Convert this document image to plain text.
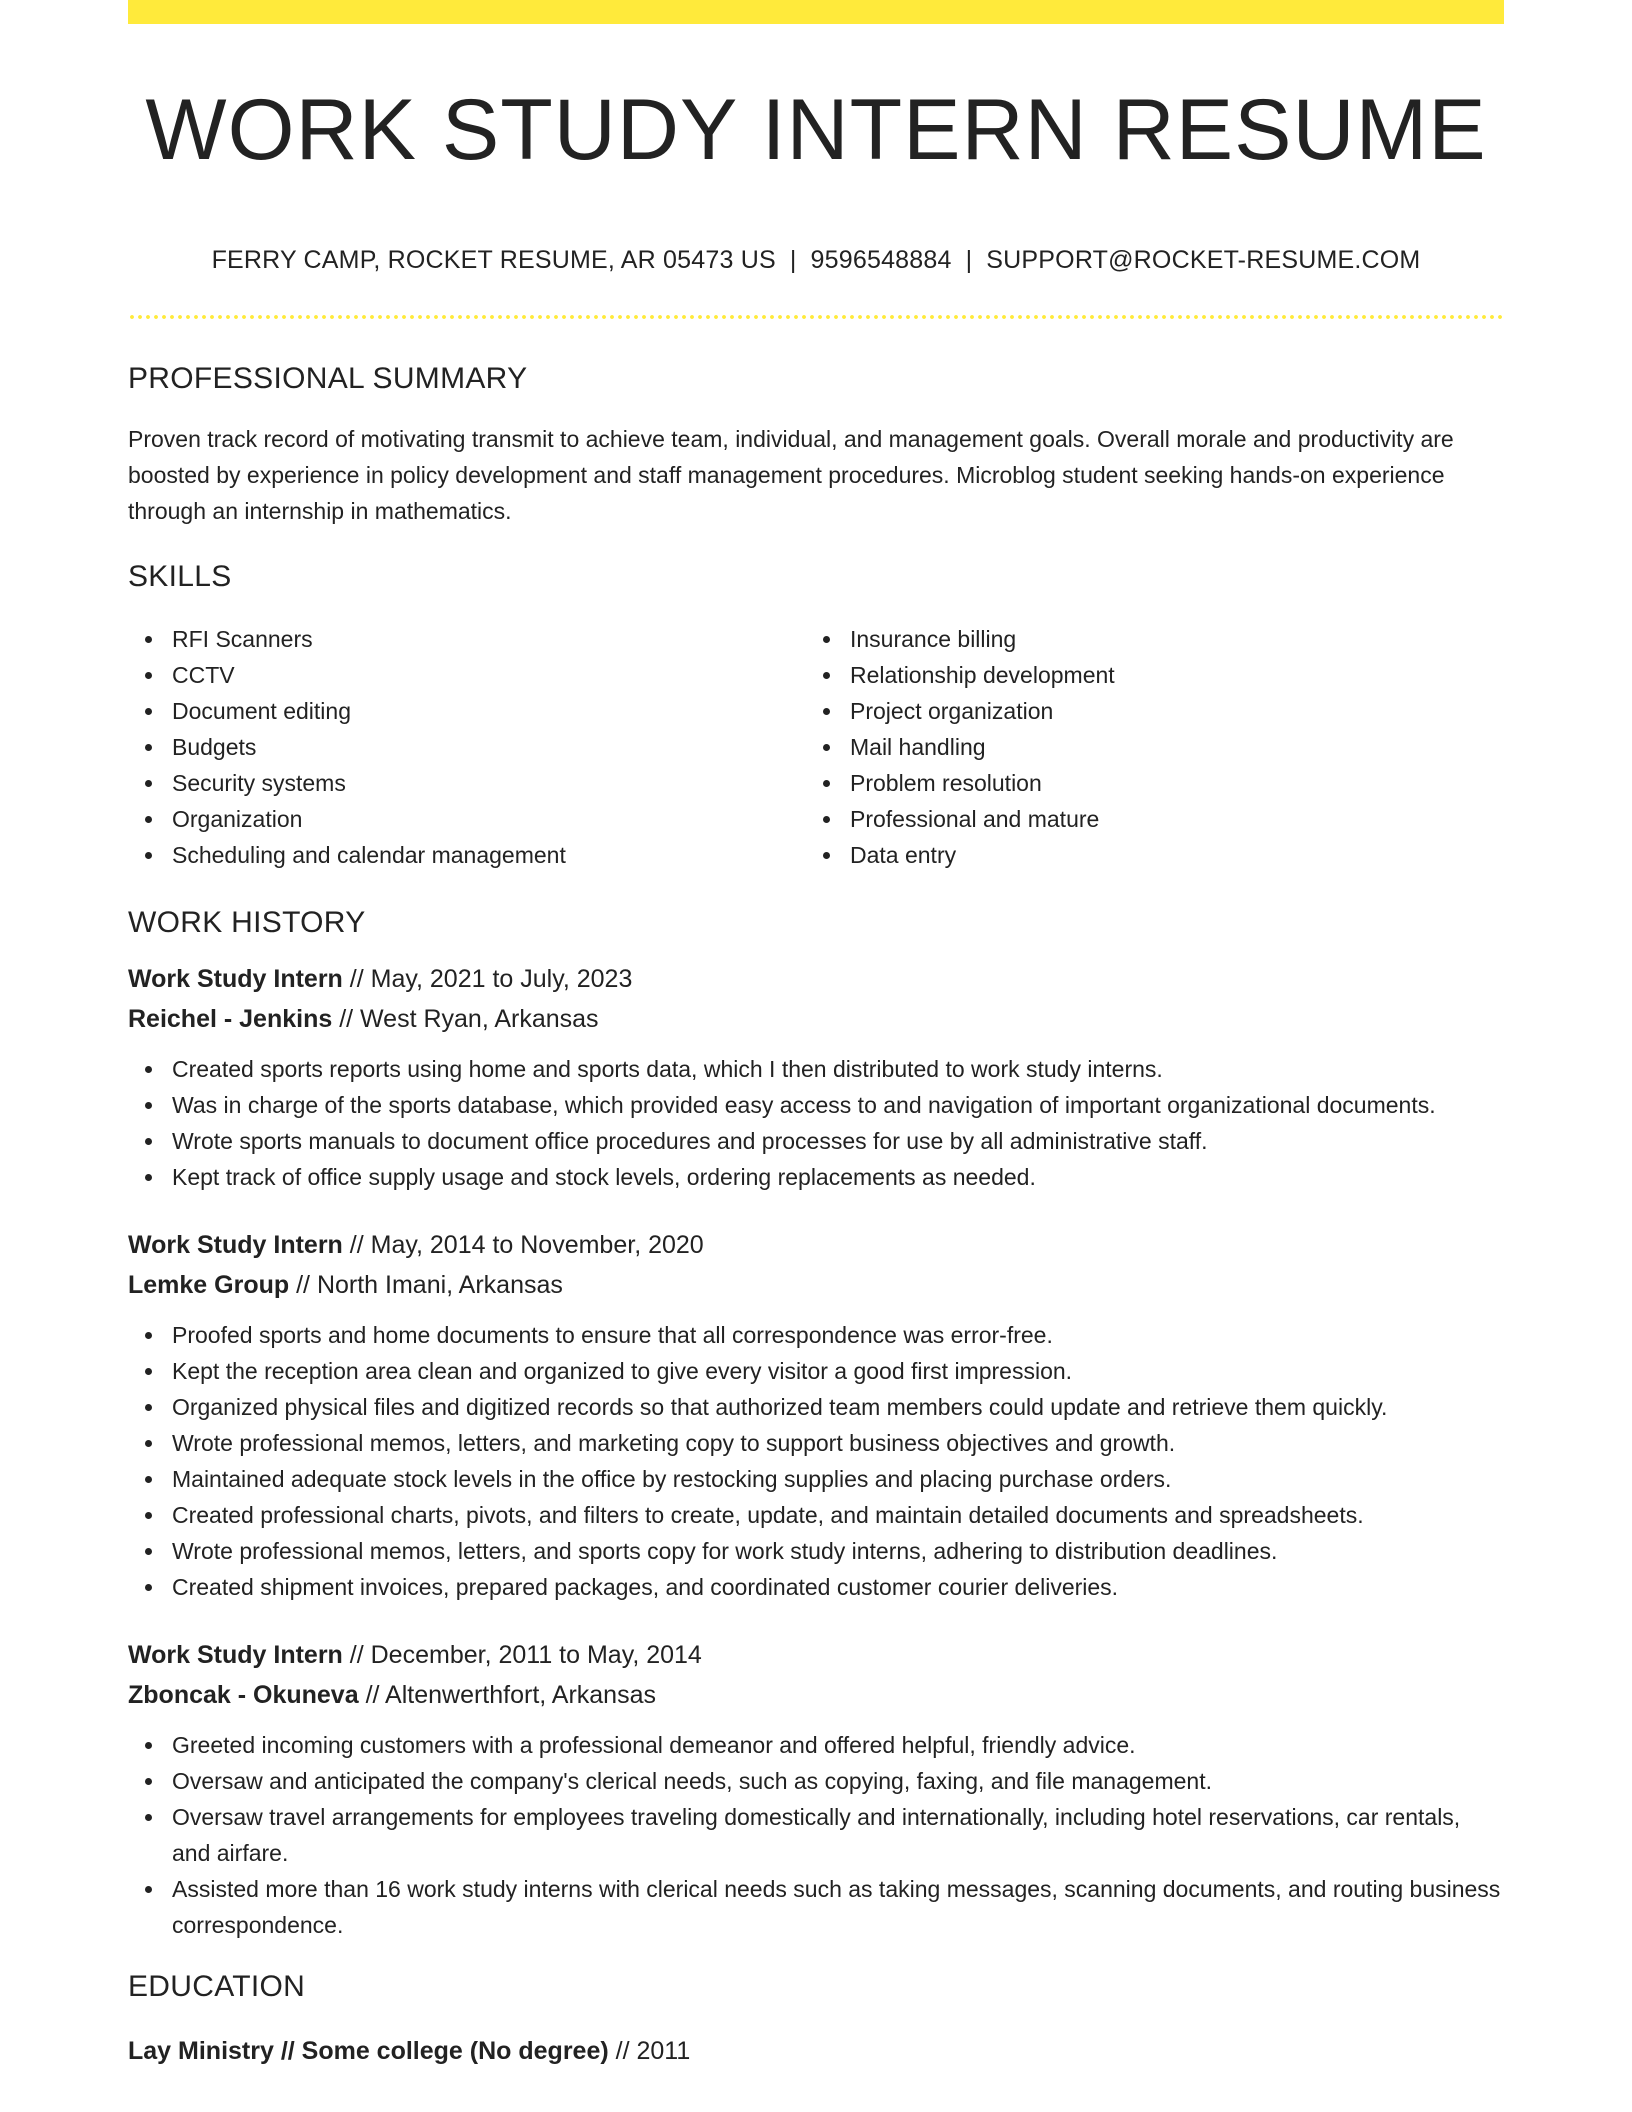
WORK STUDY INTERN RESUME
FERRY CAMP, ROCKET RESUME, AR 05473 US | 9596548884 | SUPPORT@ROCKET-RESUME.COM
PROFESSIONAL SUMMARY

Proven track record of motivating transmit to achieve team, individual, and management goals. Overall morale and productivity are boosted by experience in policy development and staff management procedures. Microblog student seeking hands-on experience through an internship in mathematics.

SKILLS
RFI Scanners
CCTV
Document editing
Budgets
Security systems
Organization
Scheduling and calendar management
Insurance billing
Relationship development
Project organization
Mail handling
Problem resolution
Professional and mature
Data entry
WORK HISTORY
Work Study Intern // May, 2021 to July, 2023
Reichel - Jenkins // West Ryan, Arkansas
Created sports reports using home and sports data, which I then distributed to work study interns.
Was in charge of the sports database, which provided easy access to and navigation of important organizational documents.
Wrote sports manuals to document office procedures and processes for use by all administrative staff.
Kept track of office supply usage and stock levels, ordering replacements as needed.
Work Study Intern // May, 2014 to November, 2020
Lemke Group // North Imani, Arkansas
Proofed sports and home documents to ensure that all correspondence was error-free.
Kept the reception area clean and organized to give every visitor a good first impression.
Organized physical files and digitized records so that authorized team members could update and retrieve them quickly.
Wrote professional memos, letters, and marketing copy to support business objectives and growth.
Maintained adequate stock levels in the office by restocking supplies and placing purchase orders.
Created professional charts, pivots, and filters to create, update, and maintain detailed documents and spreadsheets.
Wrote professional memos, letters, and sports copy for work study interns, adhering to distribution deadlines.
Created shipment invoices, prepared packages, and coordinated customer courier deliveries.
Work Study Intern // December, 2011 to May, 2014
Zboncak - Okuneva // Altenwerthfort, Arkansas
Greeted incoming customers with a professional demeanor and offered helpful, friendly advice.
Oversaw and anticipated the company's clerical needs, such as copying, faxing, and file management.
Oversaw travel arrangements for employees traveling domestically and internationally, including hotel reservations, car rentals, and airfare.
Assisted more than 16 work study interns with clerical needs such as taking messages, scanning documents, and routing business correspondence.
EDUCATION
Lay Ministry // Some college (No degree) // 2011
